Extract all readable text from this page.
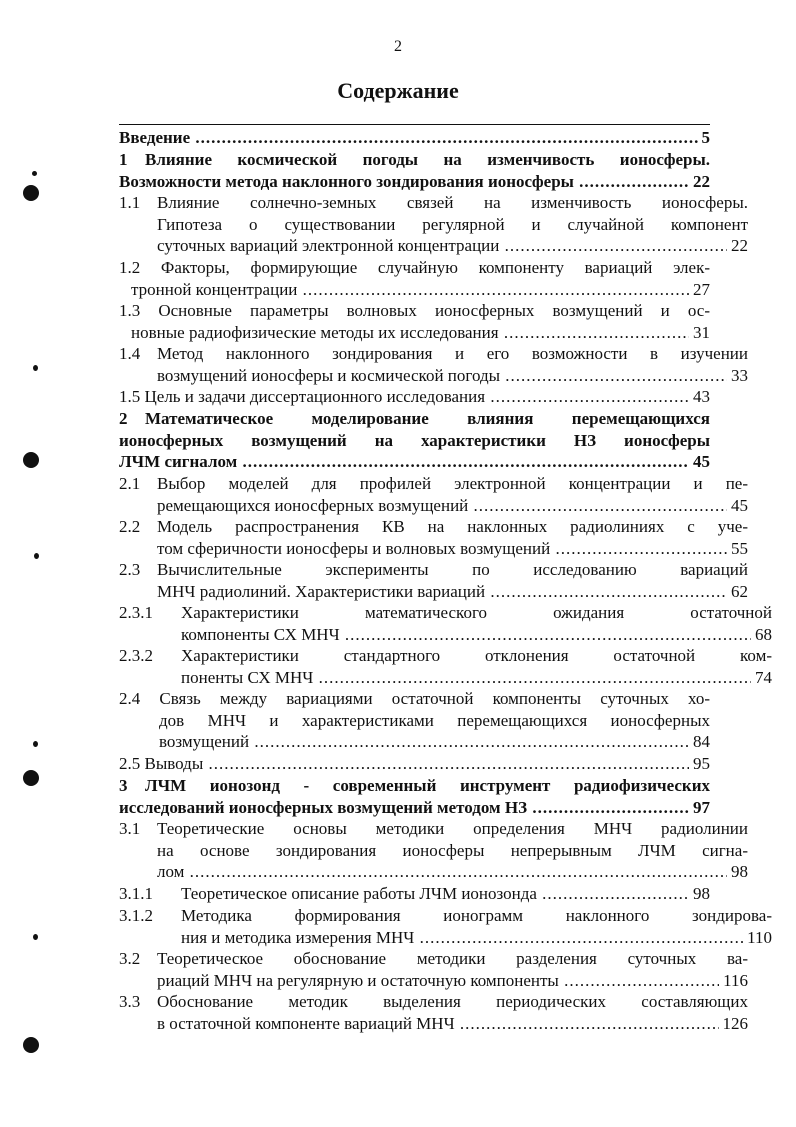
2
Содержание
Введение	5
.....
1 Влияние космической погоды на изменчивость ионосферы.
Возможности метода наклонного зондирования ионосферы	22
.....
1.1 Влияние солнечно-земных связей на изменчивость ионосферы.
Гипотеза о существовании регулярной и случайной компонент
суточных вариаций электронной концентрации	22
.....
1.2 Факторы, формирующие случайную компоненту вариаций элек-
тронной концентрации	27
.....
1.3 Основные параметры волновых ионосферных возмущений и ос-
новные радиофизические методы их исследования	31
.....
1.4 Метод наклонного зондирования и его возможности в изучении
возмущений ионосферы и космической погоды	33
.....
1.5 Цель и задачи диссертационного исследования	43
.....
2 Математическое моделирование влияния перемещающихся
ионосферных возмущений на характеристики НЗ ионосферы
ЛЧМ сигналом	45
.....
2.1 Выбор моделей для профилей электронной концентрации и пе-
ремещающихся ионосферных возмущений	45
.....
2.2 Модель распространения КВ на наклонных радиолиниях с уче-
том сферичности ионосферы и волновых возмущений	55
.....
2.3 Вычислительные эксперименты по исследованию вариаций
МНЧ радиолиний. Характеристики вариаций	62
.....
2.3.1 Характеристики математического ожидания остаточной
компоненты СХ МНЧ	68
.....
2.3.2 Характеристики стандартного отклонения остаточной ком-
поненты СХ МНЧ	74
.....
2.4 Связь между вариациями остаточной компоненты суточных хо-
дов МНЧ и характеристиками перемещающихся ионосферных
возмущений	84
.....
2.5 Выводы	95
.....
3 ЛЧМ ионозонд - современный инструмент радиофизических
исследований ионосферных возмущений методом НЗ	97
.....
3.1 Теоретические основы методики определения МНЧ радиолинии
на основе зондирования ионосферы непрерывным ЛЧМ сигна-
лом	98
.....
3.1.1 Теоретическое описание работы ЛЧМ ионозонда	98
.....
3.1.2 Методика формирования ионограмм наклонного зондирова-
ния и методика измерения МНЧ	110
.....
3.2 Теоретическое обоснование методики разделения суточных ва-
риаций МНЧ на регулярную и остаточную компоненты	116
.....
3.3 Обоснование методик выделения периодических составляющих
в остаточной компоненте вариаций МНЧ	126
.....
